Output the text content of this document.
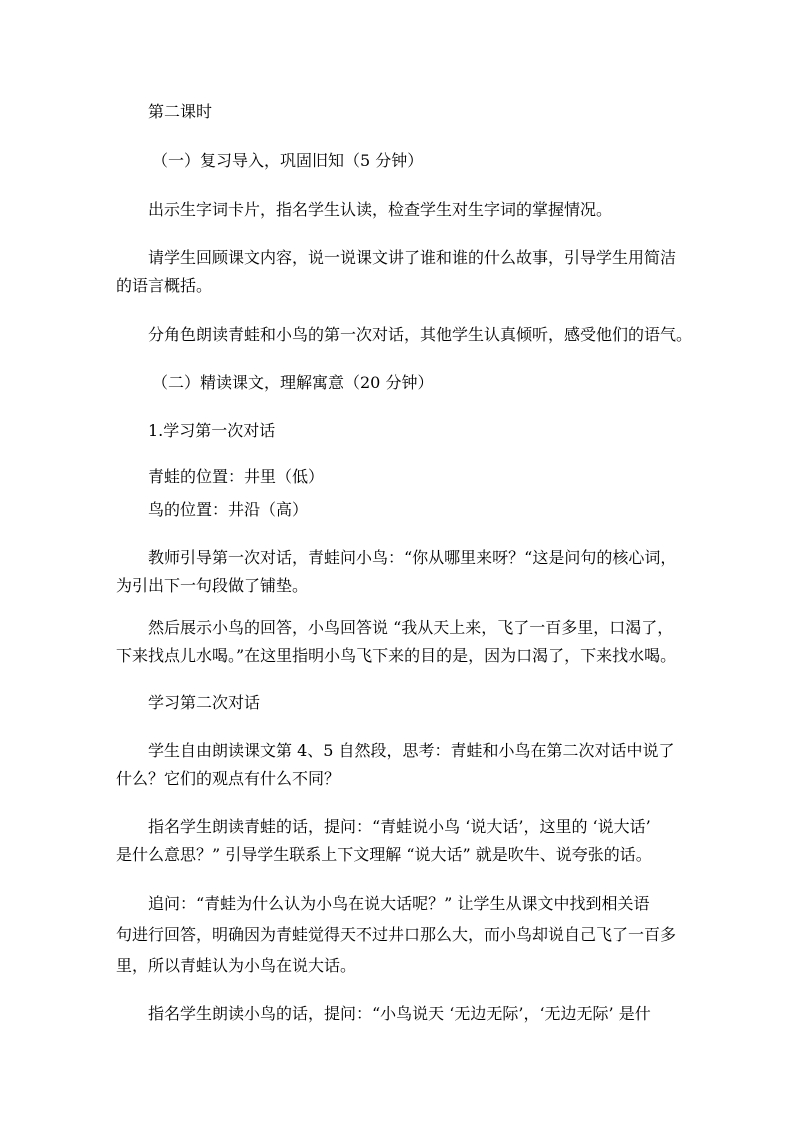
第二课时
（一）复习导入，巩固旧知（5 分钟）
出示生字词卡片，指名学生认读，检查学生对生字词的掌握情况。
请学生回顾课文内容，说一说课文讲了谁和谁的什么故事，引导学生用简洁
的语言概括。
分角色朗读青蛙和小鸟的第一次对话，其他学生认真倾听，感受他们的语气。
（二）精读课文，理解寓意（20 分钟）
1.学习第一次对话
青蛙的位置：井里（低）
鸟的位置：井沿（高）
教师引导第一次对话，青蛙问小鸟：“你从哪里来呀？“这是问句的核心词，
为引出下一句段做了铺垫。
然后展示小鸟的回答，小鸟回答说 “我从天上来，飞了一百多里，口渴了，
下来找点儿水喝。”在这里指明小鸟飞下来的目的是，因为口渴了，下来找水喝。
学习第二次对话
学生自由朗读课文第 4、5 自然段，思考：青蛙和小鸟在第二次对话中说了
什么？它们的观点有什么不同？
指名学生朗读青蛙的话，提问：“青蛙说小鸟 ‘说大话’，这里的 ‘说大话’
是什么意思？” 引导学生联系上下文理解 “说大话” 就是吹牛、说夸张的话。
追问：“青蛙为什么认为小鸟在说大话呢？” 让学生从课文中找到相关语
句进行回答，明确因为青蛙觉得天不过井口那么大，而小鸟却说自己飞了一百多
里，所以青蛙认为小鸟在说大话。
指名学生朗读小鸟的话，提问：“小鸟说天 ‘无边无际’，‘无边无际’ 是什
